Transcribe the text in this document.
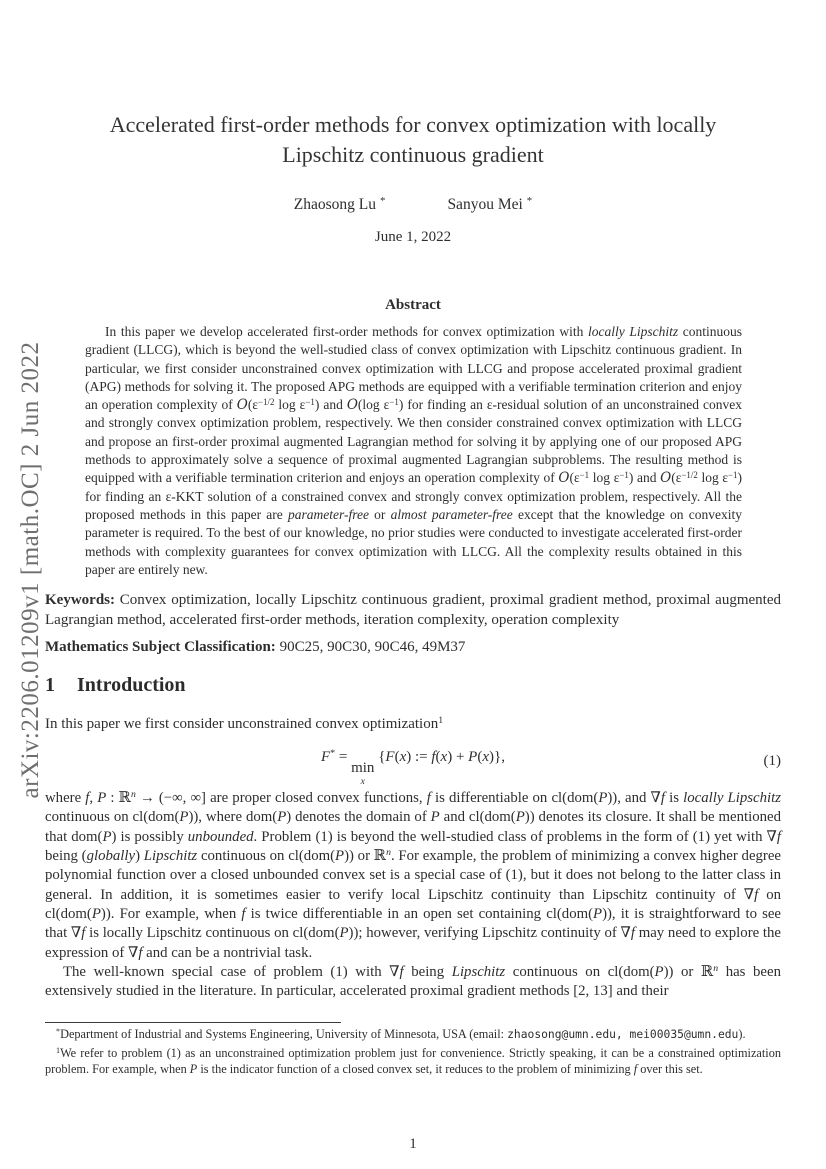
arXiv:2206.01209v1 [math.OC] 2 Jun 2022
Accelerated first-order methods for convex optimization with locally
Lipschitz continuous gradient
Zhaosong Lu *	Sanyou Mei *
June 1, 2022
Abstract
In this paper we develop accelerated first-order methods for convex optimization with locally Lipschitz continuous gradient (LLCG), which is beyond the well-studied class of convex optimization with Lipschitz continuous gradient. In particular, we first consider unconstrained convex optimization with LLCG and propose accelerated proximal gradient (APG) methods for solving it. The proposed APG methods are equipped with a verifiable termination criterion and enjoy an operation complexity of $O(\varepsilon^{-1/2}$ $\log \varepsilon^{-1}$) and O(log $\varepsilon^{-1}$) for finding an ε-residual solution of an unconstrained convex and strongly convex optimization problem, respectively. We then consider constrained convex optimization with LLCG and propose an first-order proximal augmented Lagrangian method for solving it by applying one of our proposed APG methods to approximately solve a sequence of proximal augmented Lagrangian subproblems. The resulting method is equipped with a verifiable termination criterion and enjoys an operation complexity of $O(\varepsilon^{-1}$ $\log \varepsilon^{-1}$) and $O(\varepsilon^{-1/2}$ $\log \varepsilon^{-1}$) for finding an ε-KKT solution of a constrained convex and strongly convex optimization problem, respectively. All the proposed methods in this paper are parameter-free or almost parameter-free except that the knowledge on convexity parameter is required. To the best of our knowledge, no prior studies were conducted to investigate accelerated first-order methods with complexity guarantees for convex optimization with LLCG. All the complexity results obtained in this paper are entirely new.
Keywords: Convex optimization, locally Lipschitz continuous gradient, proximal gradient method, proximal augmented Lagrangian method, accelerated first-order methods, iteration complexity, operation complexity
Mathematics Subject Classification: 90C25, 90C30, 90C46, 49M37
1 Introduction
In this paper we first consider unconstrained convex optimization$^1$
F* =
min
x
{F(x) := f(x) + P(x)},	(1)
where f, P : ℝ$^n$ → (−∞, ∞] are proper closed convex functions, f is differentiable on cl(dom(P)), and ∇f is locally Lipschitz continuous on cl(dom(P)), where dom(P) denotes the domain of P and cl(dom(P)) denotes its closure. It shall be mentioned that dom(P) is possibly unbounded. Problem (1) is beyond the well-studied class of problems in the form of (1) yet with ∇f being (globally) Lipschitz continuous on cl(dom(P)) or ℝ$^n$. For example, the problem of minimizing a convex higher degree polynomial function over a closed unbounded convex set is a special case of (1), but it does not belong to the latter class in general. In addition, it is sometimes easier to verify local Lipschitz continuity than Lipschitz continuity of ∇f on cl(dom(P)). For example, when f is twice differentiable in an open set containing cl(dom(P)), it is straightforward to see that ∇f is locally Lipschitz continuous on cl(dom(P)); however, verifying Lipschitz continuity of ∇f may need to explore the expression of ∇f and can be a nontrivial task.
The well-known special case of problem (1) with ∇f being Lipschitz continuous on cl(dom(P)) or ℝ$^n$ has been extensively studied in the literature. In particular, accelerated proximal gradient methods [2, 13] and their
*Department of Industrial and Systems Engineering, University of Minnesota, USA (email: zhaosong@umn.edu, mei00035@umn.edu).
$^1$We refer to problem (1) as an unconstrained optimization problem just for convenience. Strictly speaking, it can be a constrained optimization problem. For example, when P is the indicator function of a closed convex set, it reduces to the problem of minimizing f over this set.
1
